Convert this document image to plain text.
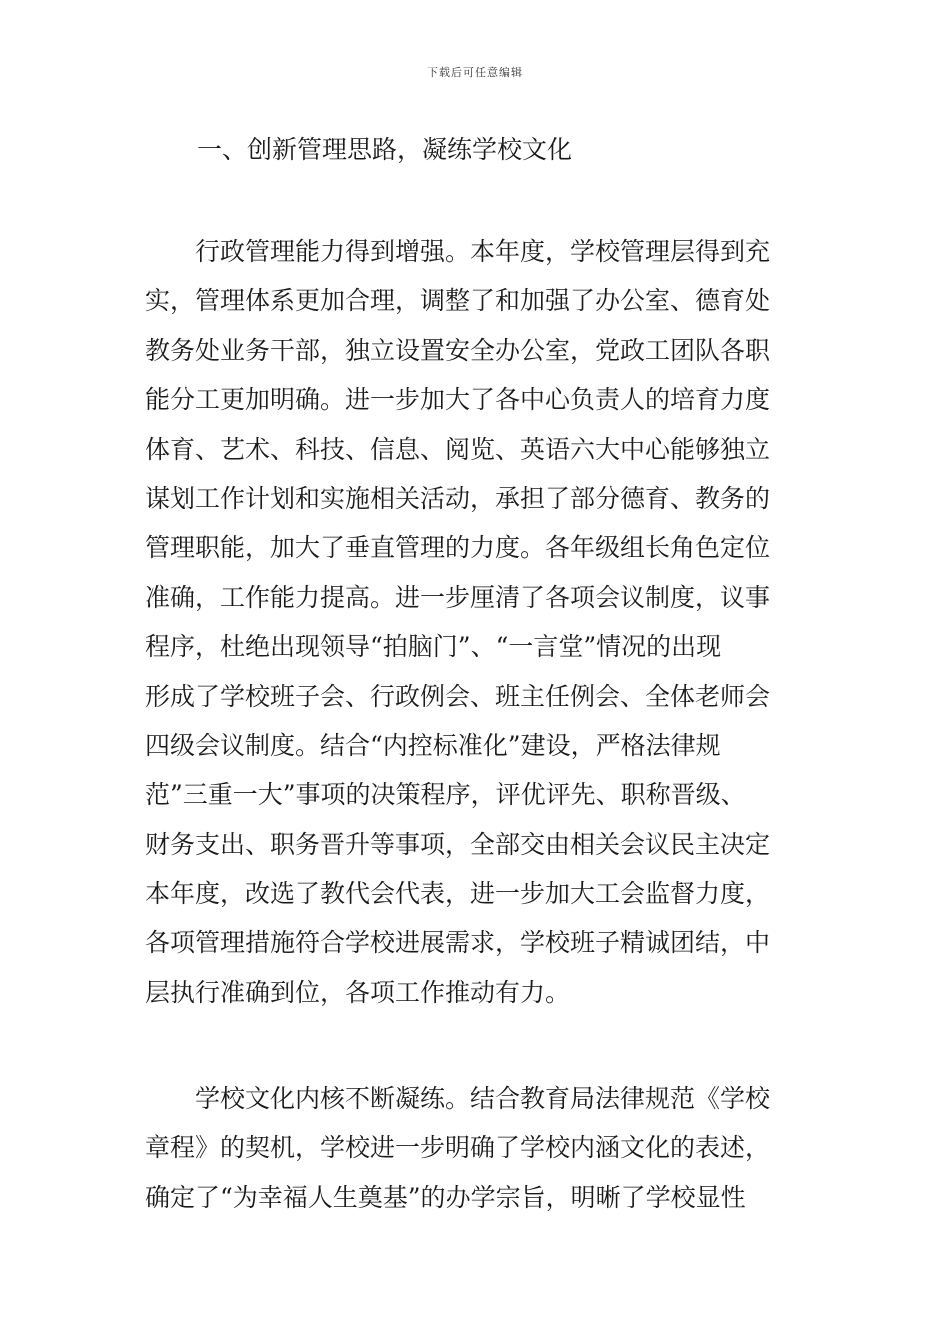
下载后可任意编辑
一、创新管理思路，凝练学校文化
　　行政管理能力得到增强。本年度，学校管理层得到充
实，管理体系更加合理，调整了和加强了办公室、德育处
教务处业务干部，独立设置安全办公室，党政工团队各职
能分工更加明确。进一步加大了各中心负责人的培育力度
体育、艺术、科技、信息、阅览、英语六大中心能够独立
谋划工作计划和实施相关活动，承担了部分德育、教务的
管理职能，加大了垂直管理的力度。各年级组长角色定位
准确，工作能力提高。进一步厘清了各项会议制度，议事
程序，杜绝出现领导“拍脑门”、“一言堂”情况的出现
形成了学校班子会、行政例会、班主任例会、全体老师会
四级会议制度。结合“内控标准化”建设，严格法律规
范”三重一大”事项的决策程序，评优评先、职称晋级、
财务支出、职务晋升等事项，全部交由相关会议民主决定
本年度，改选了教代会代表，进一步加大工会监督力度，
各项管理措施符合学校进展需求，学校班子精诚团结，中
层执行准确到位，各项工作推动有力。
　　学校文化内核不断凝练。结合教育局法律规范《学校
章程》的契机，学校进一步明确了学校内涵文化的表述，
确定了“为幸福人生奠基”的办学宗旨，明晰了学校显性
